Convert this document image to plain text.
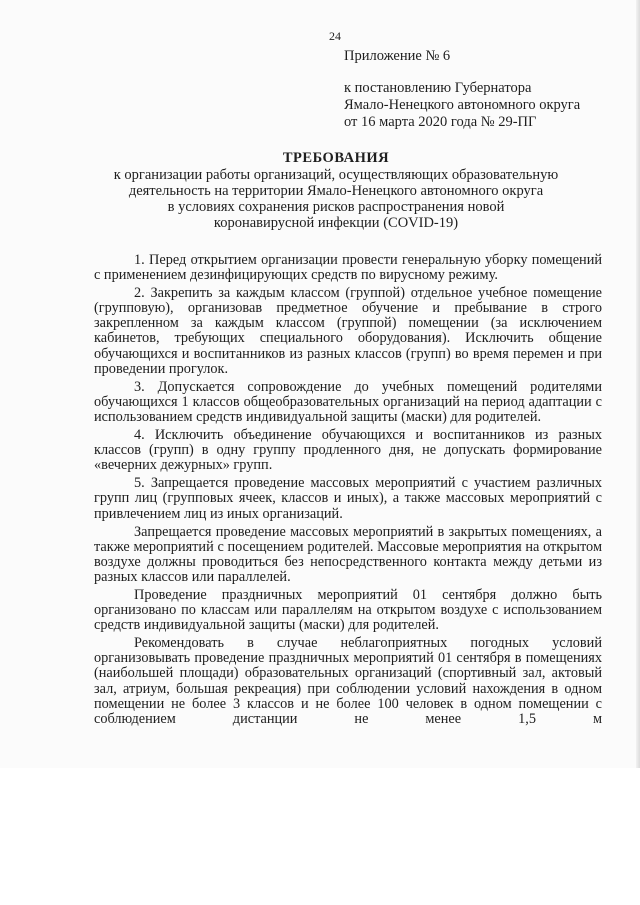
24
Приложение № 6
к постановлению Губернатора
Ямало-Ненецкого автономного округа
от 16 марта 2020 года № 29-ПГ
ТРЕБОВАНИЯ
к организации работы организаций, осуществляющих образовательную
деятельность на территории Ямало-Ненецкого автономного округа
в условиях сохранения рисков распространения новой
коронавирусной инфекции (COVID-19)

1. Перед открытием организации провести генеральную уборку помещений с применением дезинфицирующих средств по вирусному режиму.

2. Закрепить за каждым классом (группой) отдельное учебное помещение (групповую), организовав предметное обучение и пребывание в строго закрепленном за каждым классом (группой) помещении (за исключением кабинетов, требующих специального оборудования). Исключить общение обучающихся и воспитанников из разных классов (групп) во время перемен и при проведении прогулок.

3. Допускается сопровождение до учебных помещений родителями обучающихся 1 классов общеобразовательных организаций на период адаптации с использованием средств индивидуальной защиты (маски) для родителей.

4. Исключить объединение обучающихся и воспитанников из разных классов (групп) в одну группу продленного дня, не допускать формирование «вечерних дежурных» групп.

5. Запрещается проведение массовых мероприятий с участием различных групп лиц (групповых ячеек, классов и иных), а также массовых мероприятий с привлечением лиц из иных организаций.

Запрещается проведение массовых мероприятий в закрытых помещениях, а также мероприятий с посещением родителей. Массовые мероприятия на открытом воздухе должны проводиться без непосредственного контакта между детьми из разных классов или параллелей.

Проведение праздничных мероприятий 01 сентября должно быть организовано по классам или параллелям на открытом воздухе с использованием средств индивидуальной защиты (маски) для родителей.

Рекомендовать в случае неблагоприятных погодных условий организовывать проведение праздничных мероприятий 01 сентября в помещениях (наибольшей площади) образовательных организаций (спортивный зал, актовый зал, атриум, большая рекреация) при соблюдении условий нахождения в одном помещении не более 3 классов и не более 100 человек в одном помещении с соблюдением дистанции не менее 1,5 м
